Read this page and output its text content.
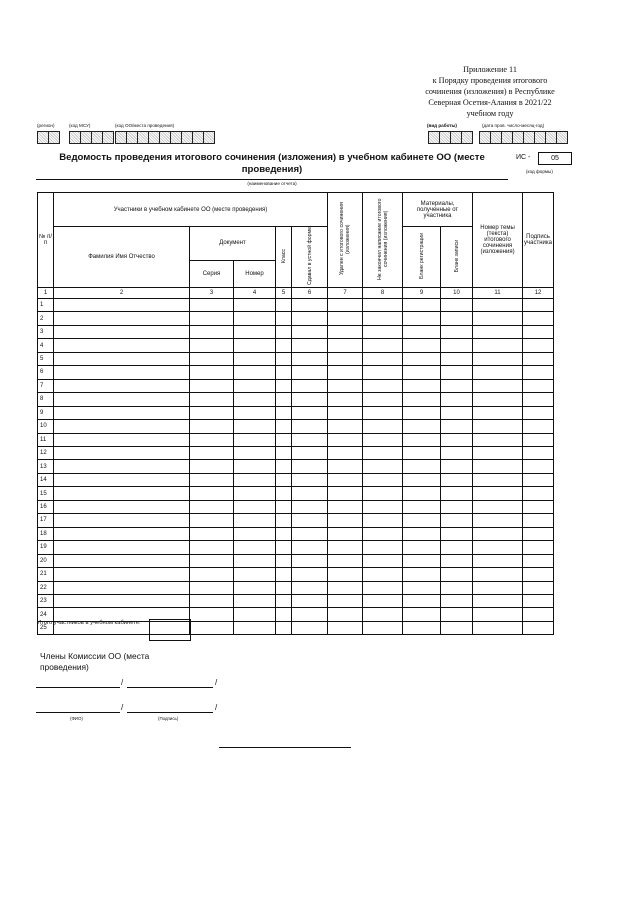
Приложение 11
к Порядку проведения итогового
сочинения (изложения) в Республике
Северная Осетия-Алания в 2021/22
учебном году
(регион)	(код МСУ)	(код ОО/места проведения)	(вид работы)	(дата пров. число-месяц-год)
Ведомость проведения итогового сочинения (изложения) в учебном кабинете ОО (месте проведения)
(наименование отчета)
ИС -	05
(код формы)
№ п/п	Участники в учебном кабинете ОО (месте проведения)					Удален с итогового сочинения (изложения)	Не закончил написание итогового сочинения (изложения)	Материалы, полученные от участника		Номер темы (текста) итогового сочинения (изложения)	Подпись участника
	Фамилия Имя Отчество	Документ		Класс	Сдавал в устной форме			Бланк регистрации	Бланк записи		
		Серия	Номер								
1	2	3	4	5	6	7	8	9	10	11	12
1											
2											
3											
4											
5											
6											
7											
8											
9											
10											
11											
12											
13											
14											
15											
16											
17											
18											
19											
20											
21											
22											
23											
24											
25											
Итого участников в учебном кабинете:
Члены Комиссии ОО (места проведения)
/	/
/	/
(ФИО)	(Подпись)
